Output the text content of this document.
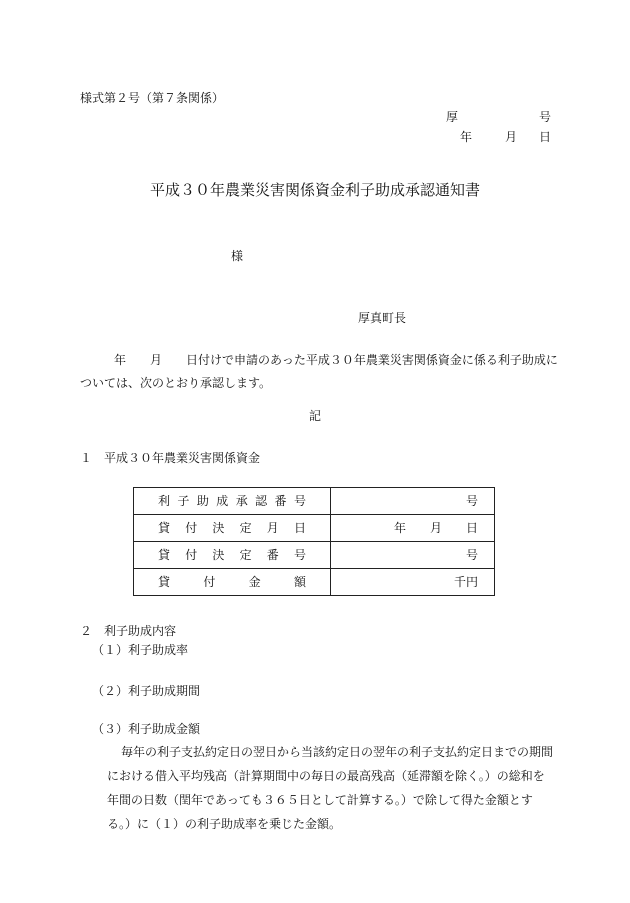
様式第２号（第７条関係）
厚	号
年	月 日
平成３０年農業災害関係資金利子助成承認通知書
様
厚真町長
年　　月　　日付けで申請のあった平成３０年農業災害関係資金に係る利子助成については、次のとおり承認します。
記
１　平成３０年農業災害関係資金
利子助成承認番号	号
貸付決定月日	年　　月　　日
貸付決定番号	号
貸付金額	千円
２　利子助成内容
（１）利子助成率
（２）利子助成期間
（３）利子助成金額
毎年の利子支払約定日の翌日から当該約定日の翌年の利子支払約定日までの期間における借入平均残高（計算期間中の毎日の最高残高（延滞額を除く。）の総和を年間の日数（閏年であっても３６５日として計算する。）で除して得た金額とする。）に（１）の利子助成率を乗じた金額。
